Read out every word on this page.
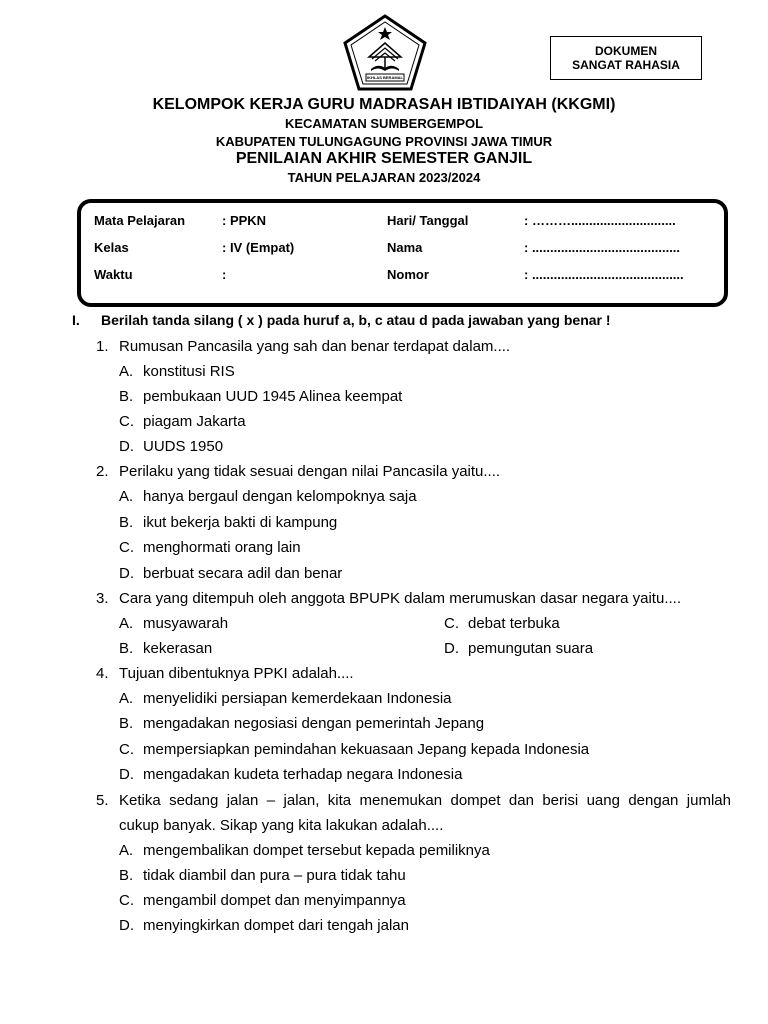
IKHLAS BERAMAL
DOKUMEN
SANGAT RAHASIA
KELOMPOK KERJA GURU MADRASAH IBTIDAIYAH (KKGMI)
KECAMATAN SUMBERGEMPOL
KABUPATEN TULUNGAGUNG PROVINSI JAWA TIMUR
PENILAIAN AKHIR SEMESTER GANJIL
TAHUN PELAJARAN 2023/2024
Mata Pelajaran	: PPKN	Hari/ Tanggal	: ……….............................
Kelas	: IV (Empat)	Nama	: .........................................
Waktu	:	Nomor	: ..........................................
I. Berilah tanda silang ( x ) pada huruf a, b, c atau d pada jawaban yang benar !
1. Rumusan Pancasila yang sah dan benar terdapat dalam....
A. konstitusi RIS
B. pembukaan UUD 1945 Alinea keempat
C. piagam Jakarta
D. UUDS 1950
2. Perilaku yang tidak sesuai dengan nilai Pancasila yaitu....
A. hanya bergaul dengan kelompoknya saja
B. ikut bekerja bakti di kampung
C. menghormati orang lain
D. berbuat secara adil dan benar
3. Cara yang ditempuh oleh anggota BPUPK dalam merumuskan dasar negara yaitu....
A. musyawarah
B. kekerasan
C. debat terbuka
D. pemungutan suara
4. Tujuan dibentuknya PPKI adalah....
A. menyelidiki persiapan kemerdekaan Indonesia
B. mengadakan negosiasi dengan pemerintah Jepang
C. mempersiapkan pemindahan kekuasaan Jepang kepada Indonesia
D. mengadakan kudeta terhadap negara Indonesia
5. Ketika sedang jalan – jalan, kita menemukan dompet dan berisi uang dengan jumlah
cukup banyak. Sikap yang kita lakukan adalah....
A. mengembalikan dompet tersebut kepada pemiliknya
B. tidak diambil dan pura – pura tidak tahu
C. mengambil dompet dan menyimpannya
D. menyingkirkan dompet dari tengah jalan
